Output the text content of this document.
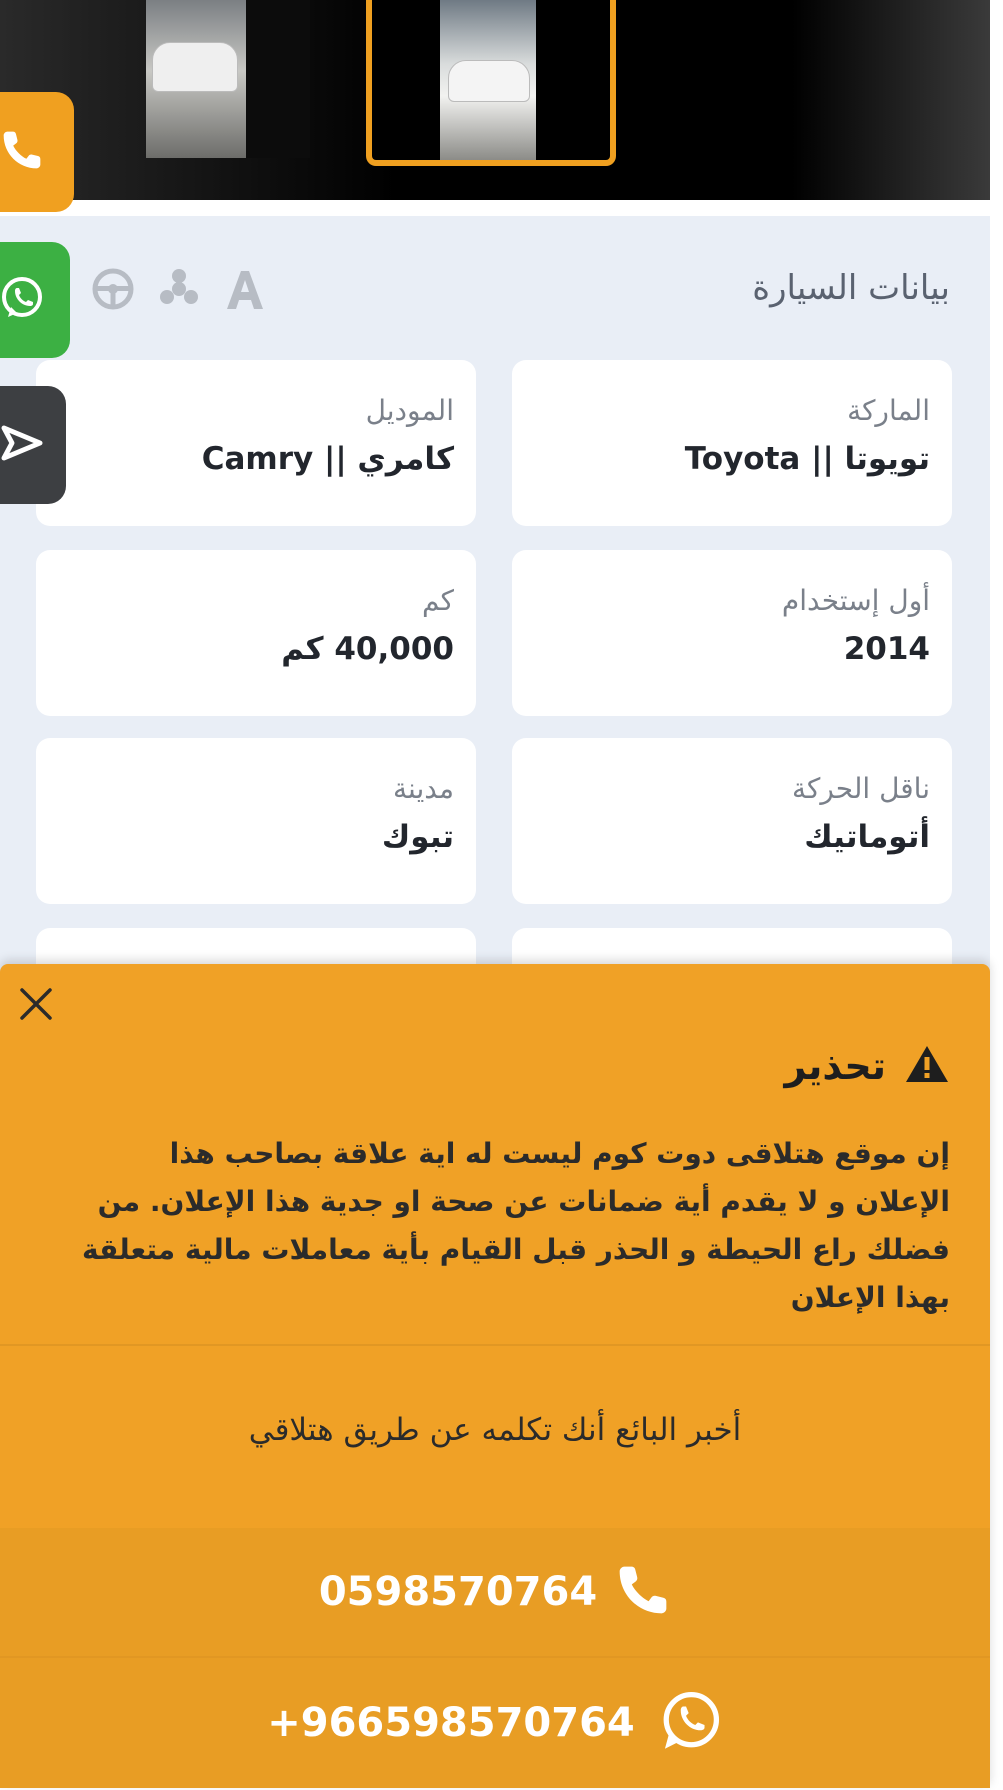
بيانات السيارة
الماركة
تويوتا || Toyota
الموديل
كامري || Camry
أول إستخدام
2014
كم
40,000 كم
ناقل الحركة
أتوماتيك
مدينة
تبوك
تحذير
إن موقع هتلاقى دوت كوم ليست له اية علاقة بصاحب هذا الإعلان و لا يقدم أية ضمانات عن صحة او جدية هذا الإعلان. من فضلك راع الحيطة و الحذر قبل القيام بأية معاملات مالية متعلقة بهذا الإعلان
أخبر البائع أنك تكلمه عن طريق هتلاقي
0598570764
+966598570764
